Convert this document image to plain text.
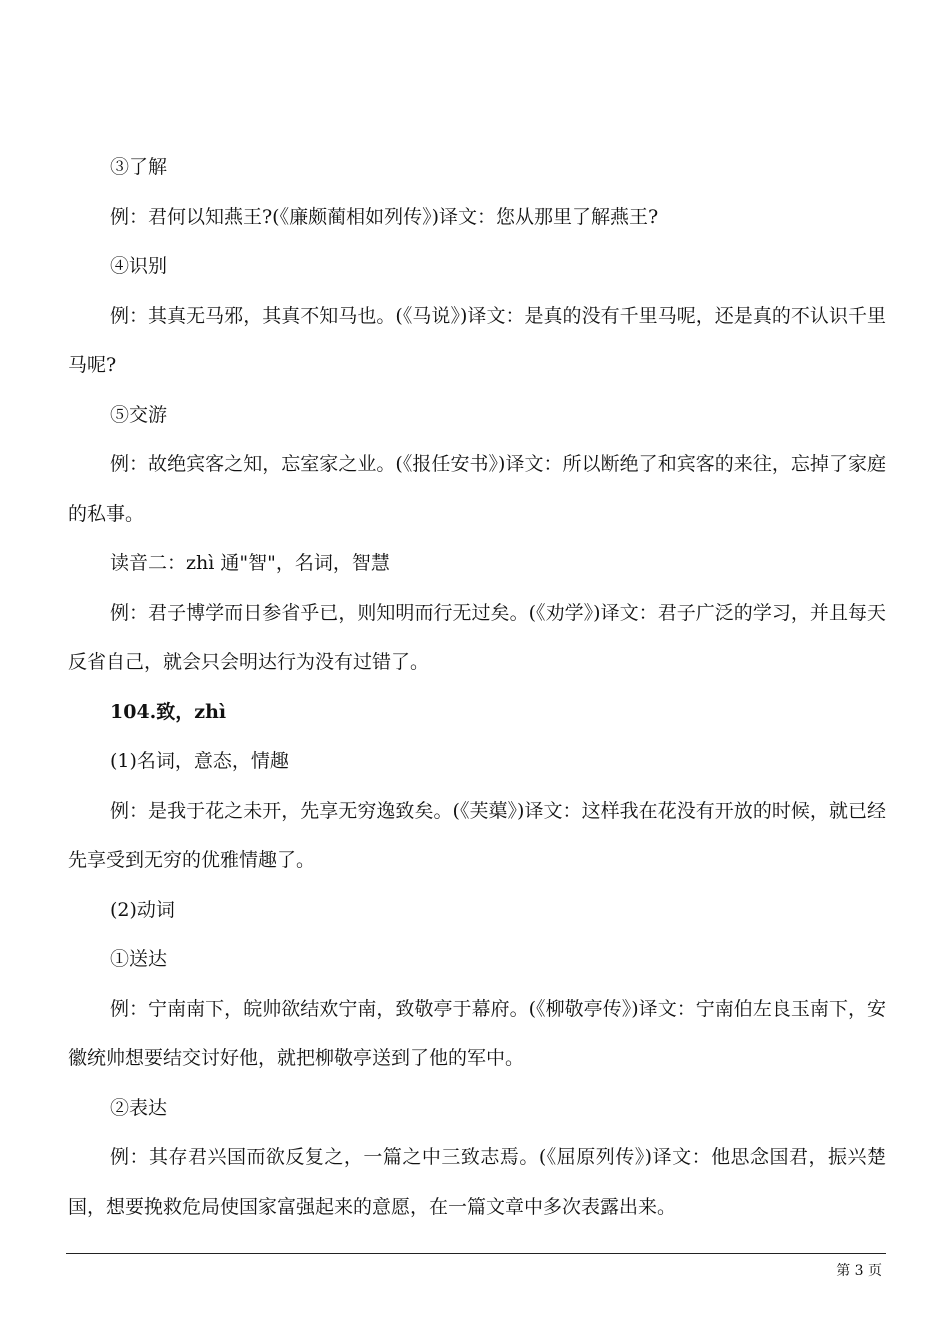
③了解

例：君何以知燕王?(《廉颇蔺相如列传》)译文：您从那里了解燕王?

④识别

例：其真无马邪，其真不知马也。(《马说》)译文：是真的没有千里马呢，还是真的不认识千里马呢?

⑤交游

例：故绝宾客之知，忘室家之业。(《报任安书》)译文：所以断绝了和宾客的来往，忘掉了家庭的私事。

读音二：zhì 通"智"，名词，智慧

例：君子博学而日参省乎已，则知明而行无过矣。(《劝学》)译文：君子广泛的学习，并且每天反省自己，就会只会明达行为没有过错了。

104.致，zhì

(1)名词，意态，情趣

例：是我于花之未开，先享无穷逸致矣。(《芙蕖》)译文：这样我在花没有开放的时候，就已经先享受到无穷的优雅情趣了。

(2)动词

①送达

例：宁南南下，皖帅欲结欢宁南，致敬亭于幕府。(《柳敬亭传》)译文：宁南伯左良玉南下，安徽统帅想要结交讨好他，就把柳敬亭送到了他的军中。

②表达

例：其存君兴国而欲反复之，一篇之中三致志焉。(《屈原列传》)译文：他思念国君，振兴楚国，想要挽救危局使国家富强起来的意愿，在一篇文章中多次表露出来。

第 3 页
